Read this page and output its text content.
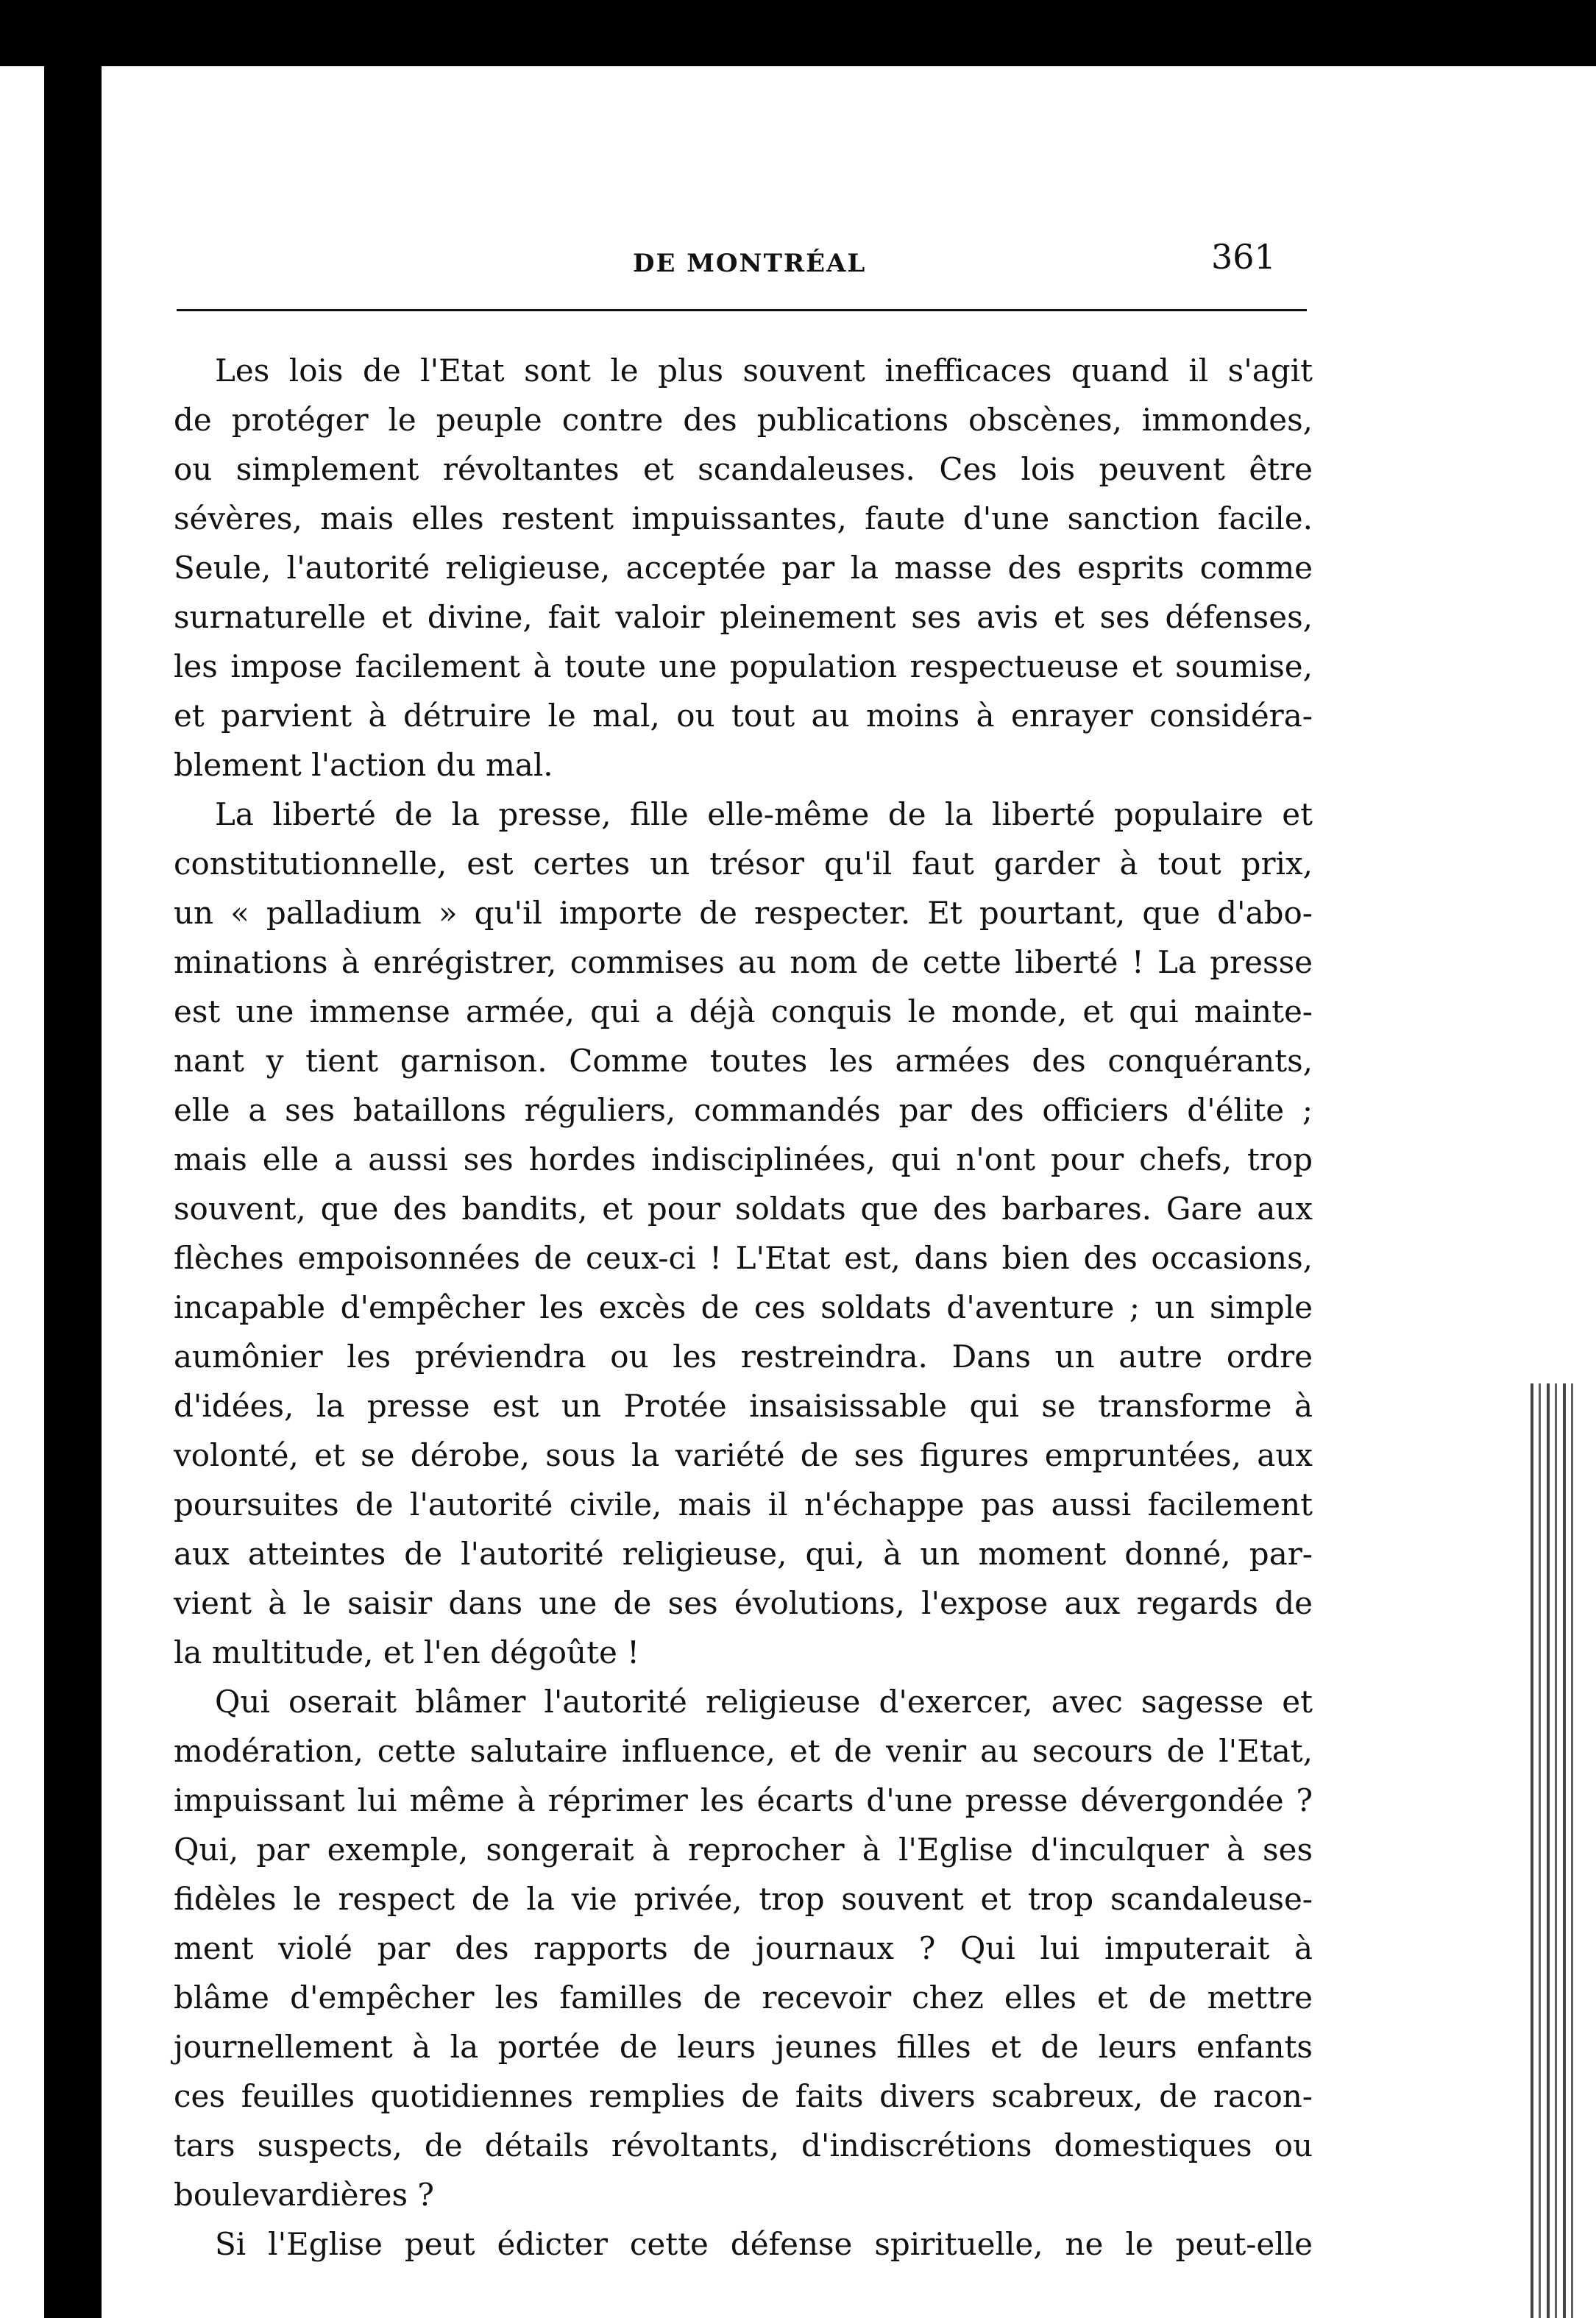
DE MONTRÉAL	361
Les lois de l'Etat sont le plus souvent inefficaces quand il s'agit
de protéger le peuple contre des publications obscènes, immondes,
ou simplement révoltantes et scandaleuses. Ces lois peuvent être
sévères, mais elles restent impuissantes, faute d'une sanction facile.
Seule, l'autorité religieuse, acceptée par la masse des esprits comme
surnaturelle et divine, fait valoir pleinement ses avis et ses défenses,
les impose facilement à toute une population respectueuse et soumise,
et parvient à détruire le mal, ou tout au moins à enrayer considéra-
blement l'action du mal.
La liberté de la presse, fille elle-même de la liberté populaire et
constitutionnelle, est certes un trésor qu'il faut garder à tout prix,
un « palladium » qu'il importe de respecter. Et pourtant, que d'abo-
minations à enrégistrer, commises au nom de cette liberté ! La presse
est une immense armée, qui a déjà conquis le monde, et qui mainte-
nant y tient garnison. Comme toutes les armées des conquérants,
elle a ses bataillons réguliers, commandés par des officiers d'élite ;
mais elle a aussi ses hordes indisciplinées, qui n'ont pour chefs, trop
souvent, que des bandits, et pour soldats que des barbares. Gare aux
flèches empoisonnées de ceux-ci ! L'Etat est, dans bien des occasions,
incapable d'empêcher les excès de ces soldats d'aventure ; un simple
aumônier les préviendra ou les restreindra. Dans un autre ordre
d'idées, la presse est un Protée insaisissable qui se transforme à
volonté, et se dérobe, sous la variété de ses figures empruntées, aux
poursuites de l'autorité civile, mais il n'échappe pas aussi facilement
aux atteintes de l'autorité religieuse, qui, à un moment donné, par-
vient à le saisir dans une de ses évolutions, l'expose aux regards de
la multitude, et l'en dégoûte !
Qui oserait blâmer l'autorité religieuse d'exercer, avec sagesse et
modération, cette salutaire influence, et de venir au secours de l'Etat,
impuissant lui même à réprimer les écarts d'une presse dévergondée ?
Qui, par exemple, songerait à reprocher à l'Eglise d'inculquer à ses
fidèles le respect de la vie privée, trop souvent et trop scandaleuse-
ment violé par des rapports de journaux ? Qui lui imputerait à
blâme d'empêcher les familles de recevoir chez elles et de mettre
journellement à la portée de leurs jeunes filles et de leurs enfants
ces feuilles quotidiennes remplies de faits divers scabreux, de racon-
tars suspects, de détails révoltants, d'indiscrétions domestiques ou
boulevardières ?
Si l'Eglise peut édicter cette défense spirituelle, ne le peut-elle
